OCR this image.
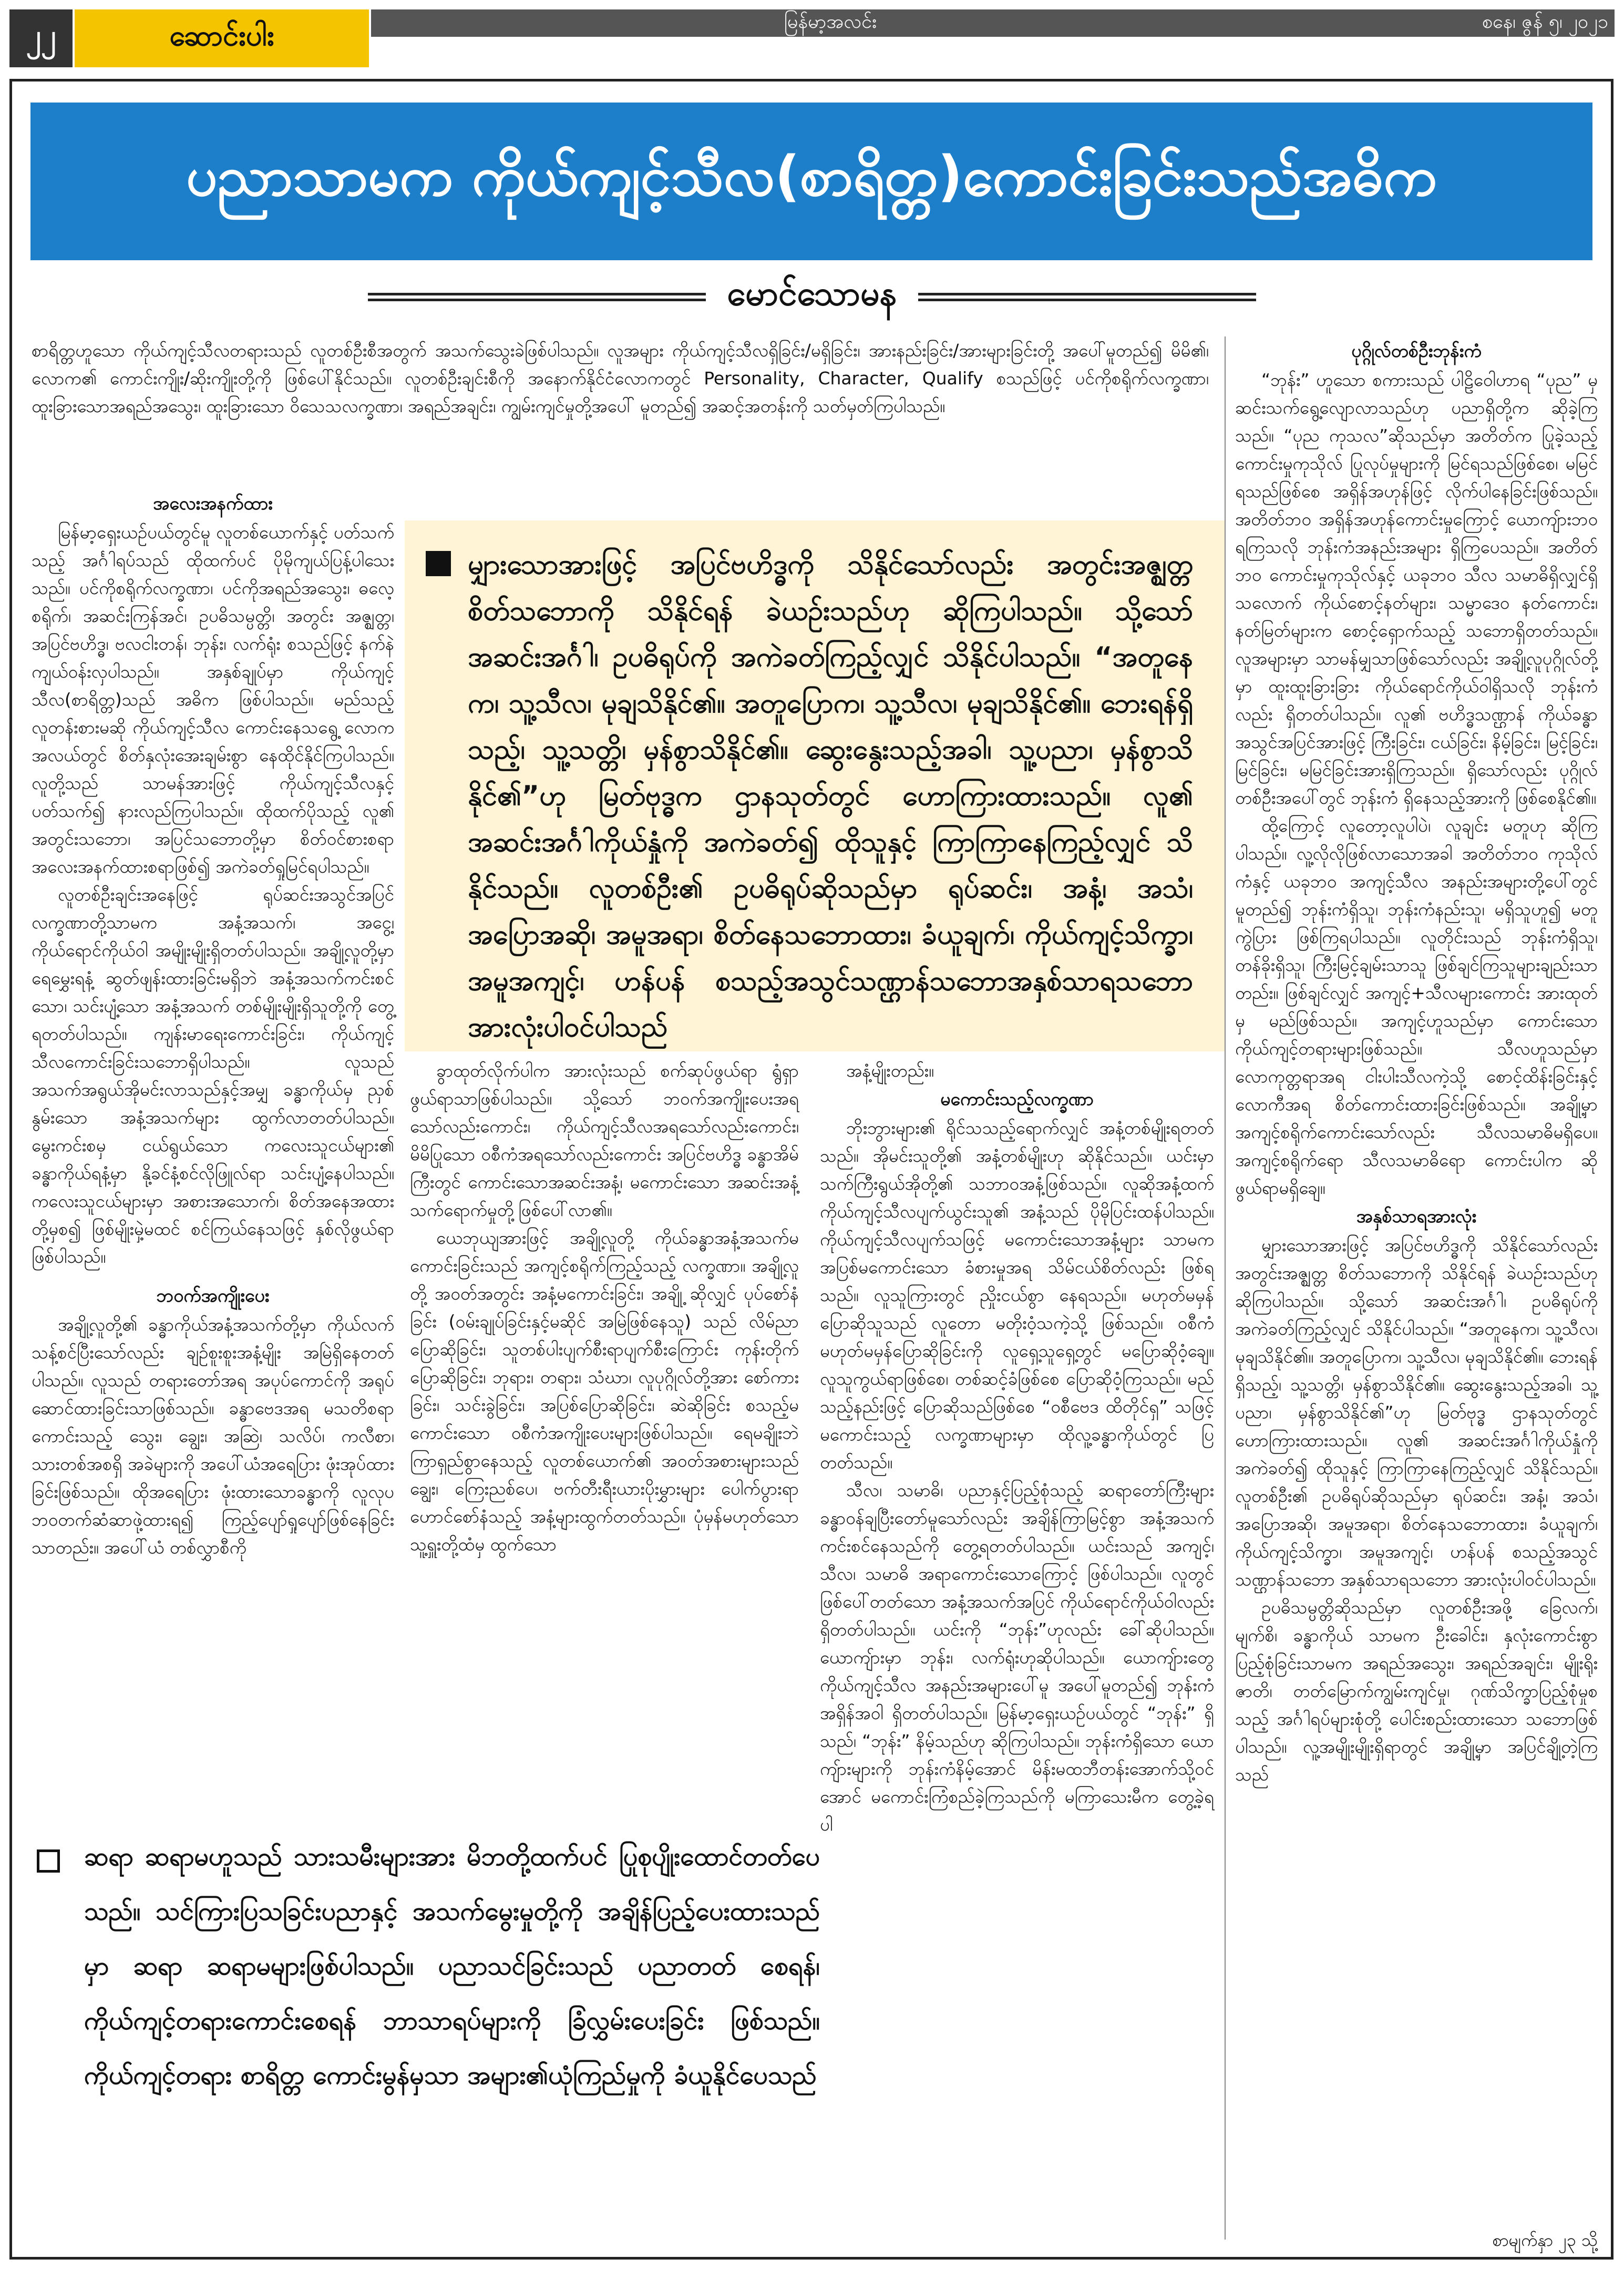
၂၂	ဆောင်းပါး	မြန်မာ့အလင်း	စနေ၊ ဇွန် ၅၊ ၂၀၂၁
ပညာသာမက ကိုယ်ကျင့်သီလ(စာရိတ္တ)ကောင်းခြင်းသည်အဓိက
မောင်သောမန

စာရိတ္တဟူသော ကိုယ်ကျင့်သီလတရားသည် လူတစ်ဦးစီအတွက် အသက်သွေးခဲဖြစ်ပါသည်။ လူအများ ကိုယ်ကျင့်သီလရှိခြင်း/မရှိခြင်း၊ အားနည်းခြင်း/အားများခြင်းတို့ အပေါ်မူတည်၍ မိမိ၏၊ လောက၏ ကောင်းကျိုး/ဆိုးကျိုးတို့ကို ဖြစ်ပေါ်နိုင်သည်။ လူတစ်ဦးချင်းစီကို အနောက်နိုင်ငံလောကတွင် Personality, Character, Qualify စသည်ဖြင့် ပင်ကိုစရိုက်လက္ခဏာ၊ ထူးခြားသောအရည်အသွေး၊ ထူးခြားသော ဝိသေသလက္ခဏာ၊ အရည်အချင်း၊ ကျွမ်းကျင်မှုတို့အပေါ် မူတည်၍ အဆင့်အတန်းကို သတ်မှတ်ကြပါသည်။

အလေးအနက်ထား

မြန်မာ့ရှေးယဉ်ပယ်တွင်မူ လူတစ်ယောက်နှင့် ပတ်သက်သည့် အင်္ဂါရပ်သည် ထိုထက်ပင် ပိုမိုကျယ်ပြန့်ပါသေးသည်။ ပင်ကိုစရိုက်လက္ခဏာ၊ ပင်ကိုအရည်အသွေး၊ ဓလေ့စရိုက်၊ အဆင်းကြန်အင်၊ ဥပဓိသမ္ပတ္တိ၊ အတွင်း အဇ္ဈတ္တ၊ အပြင်ဗဟိဒ္ဓ၊ ဗလငါးတန်၊ ဘုန်း၊ လက်ရုံး စသည်ဖြင့် နက်နဲကျယ်ဝန်းလှပါသည်။ အနှစ်ချုပ်မှာ ကိုယ်ကျင့်သီလ(စာရိတ္တ)သည် အဓိက ဖြစ်ပါသည်။ မည်သည့်လူတန်းစားမဆို ကိုယ်ကျင့်သီလ ကောင်းနေသရွေ့ လောကအလယ်တွင် စိတ်နှလုံးအေးချမ်းစွာ နေထိုင်နိုင်ကြပါသည်။ လူတို့သည် သာမန်အားဖြင့် ကိုယ်ကျင့်သီလနှင့် ပတ်သက်၍ နားလည်ကြပါသည်။ ထိုထက်ပိုသည့် လူ၏ အတွင်းသဘော၊ အပြင်သဘောတို့မှာ စိတ်ဝင်စားစရာ အလေးအနက်ထားစရာဖြစ်၍ အကဲခတ်ရှုမြင်ရပါသည်။

လူတစ်ဦးချင်းအနေဖြင့် ရုပ်ဆင်းအသွင်အပြင် လက္ခဏာတို့သာမက အနံ့အသက်၊ အငွေ့၊ ကိုယ်ရောင်ကိုယ်ဝါ အမျိုးမျိုးရှိတတ်ပါသည်။ အချို့လူတို့မှာ ရေမွှေးရနံ့ ဆွတ်ဖျန်းထားခြင်းမရှိဘဲ အနံ့အသက်ကင်းစင်သော၊ သင်းပျံ့သော အနံ့အသက် တစ်မျိုးမျိုးရှိသူတို့ကို တွေ့ရတတ်ပါသည်။ ကျန်းမာရေးကောင်းခြင်း၊ ကိုယ်ကျင့်သီလကောင်းခြင်းသဘောရှိပါသည်။ လူသည် အသက်အရွယ်အိုမင်းလာသည်နှင့်အမျှ ခန္ဓာကိုယ်မှ ညှစ်နွမ်းသော အနံ့အသက်များ ထွက်လာတတ်ပါသည်။ မွေးကင်းစမှ ငယ်ရွယ်သော ကလေးသူငယ်များ၏ ခန္ဓာကိုယ်ရနံ့မှာ နို့ခင်နံ့စင်လိုဖြူလ်ရာ သင်းပျံ့နေပါသည်။ ကလေးသူငယ်များမှာ အစားအသောက်၊ စိတ်အနေအထားတို့မှစ၍ ဖြစ်မျိုးမှဲ့မထင် စင်ကြယ်နေသဖြင့် နှစ်လိုဖွယ်ရာဖြစ်ပါသည်။

ဘဝက်အကျိုးပေး

အချို့လူတို့၏ ခန္ဓာကိုယ်အနံ့အသက်တို့မှာ ကိုယ်လက်သန့်စင်ပြီးသော်လည်း ချဉ်စူးစူးအနံ့မျိုး အမြဲရှိနေတတ်ပါသည်။ လူသည် တရားတော်အရ အပုပ်ကောင်ကို အရုပ်ဆောင်ထားခြင်းသာဖြစ်သည်။ ခန္ဓာဗေဒအရ မသတိစရာကောင်းသည့် သွေး၊ ချွေး၊ အဆြဲ၊ သလိပ်၊ ကလီစာ၊ သားတစ်အစရှိ အခဲများကို အပေါ်ယံအရေပြား ဖုံးအုပ်ထားခြင်းဖြစ်သည်။ ထိုအရေပြား ဖုံးထားသောခန္ဓာကို လူလုပ ဘဝတက်ဆံဆာဖုဲ့ထားရ၍ ကြည့်ပျော်ရှုပျော်ဖြစ်နေခြင်းသာတည်း။ အပေါ်ယံ တစ်လွှာစီကို

မျှားသောအားဖြင့် အပြင်ဗဟိဒ္ဓကို သိနိုင်သော်လည်း အတွင်းအဇ္ဈတ္တ စိတ်သဘောကို သိနိုင်ရန် ခဲယဉ်းသည်ဟု ဆိုကြပါသည်။ သို့သော် အဆင်းအင်္ဂါ၊ ဥပဓိရုပ်ကို အကဲခတ်ကြည့်လျှင် သိနိုင်ပါသည်။ “အတူနေက၊ သူ့သီလ၊ မုချသိနိုင်၏။ အတူပြောက၊ သူ့သီလ၊ မုချသိနိုင်၏။ ဘေးရန်ရှိသည့်၊ သူ့သတ္တိ၊ မှန်စွာသိနိုင်၏။ ဆွေးနွေးသည့်အခါ၊ သူ့ပညာ၊ မှန်စွာသိနိုင်၏”ဟု မြတ်ဗုဒ္ဓက ဌာနသုတ်တွင် ဟောကြားထားသည်။ လူ၏ အဆင်းအင်္ဂါကိုယ်နှုံကို အကဲခတ်၍ ထိုသူနှင့် ကြာကြာနေကြည့်လျှင် သိနိုင်သည်။ လူတစ်ဦး၏ ဥပဓိရုပ်ဆိုသည်မှာ ရုပ်ဆင်း၊ အနံ့၊ အသံ၊ အပြောအဆို၊ အမူအရာ၊ စိတ်နေသဘောထား၊ ခံယူချက်၊ ကိုယ်ကျင့်သိက္ခာ၊ အမူအကျင့်၊ ဟန်ပန် စသည့်အသွင်သဏ္ဌာန်သဘောအနှစ်သာရသဘော အားလုံးပါဝင်ပါသည်

ခွာထုတ်လိုက်ပါက အားလုံးသည် စက်ဆုပ်ဖွယ်ရာ ရွံရှာဖွယ်ရာသာဖြစ်ပါသည်။ သို့သော် ဘဝက်အကျိုးပေးအရသော်လည်းကောင်း၊ ကိုယ်ကျင့်သီလအရသော်လည်းကောင်း၊ မိမိပြုသော ဝစီကံအရသော်လည်းကောင်း အပြင်ဗဟိဒ္ဓ ခန္ဓာအိမ်ကြီးတွင် ကောင်းသောအဆင်းအနံ့၊ မကောင်းသော အဆင်းအနံ့ သက်ရောက်မှုတို့ဖြစ်ပေါ်လာ၏။

ယေဘုယျအားဖြင့် အချို့လူတို့ ကိုယ်ခန္ဓာအနံ့အသက်မကောင်းခြင်းသည် အကျင့်စရိုက်ကြည့်သည့် လက္ခဏာ။ အချို့လူတို့ အဝတ်အတွင်း အနံ့မကောင်းခြင်း၊ အချို့ ဆိုလျှင် ပုပ်စော်နံခြင်း (ဝမ်းချုပ်ခြင်းနှင့်မဆိုင် အမြဲဖြစ်နေသူ) သည် လိမ်ညာပြောဆိုခြင်း၊ သူတစ်ပါးပျက်စီးရာပျက်စီးကြောင်း ကုန်းတိုက်ပြောဆိုခြင်း၊ ဘုရား၊ တရား၊ သံဃာ၊ လူပုဂ္ဂိုလ်တို့အား စော်ကားခြင်း၊ သင်းခွဲခြင်း၊ အပြစ်ပြောဆိုခြင်း၊ ဆဲဆိုခြင်း စသည့်မကောင်းသော ဝစီကံအကျိုးပေးများဖြစ်ပါသည်။ ရေမချိုးဘဲကြာရှည်စွာနေသည့် လူတစ်ယောက်၏ အဝတ်အစားများသည် ချွေး၊ ကြေးညစ်ပေ၊ ဗက်တီးရီးယားပိုးမွှားများ ပေါက်ပွားရာ ဟောင်စော်နံသည့် အနံ့များထွက်တတ်သည်။ ပုံမှန်မဟုတ်သော သူ့ရှူးတို့ထံမှ ထွက်သော

အနံ့မျိုးတည်း။

မကောင်းသည့်လက္ခဏာ

ဘိုးဘွားများ၏ ရိုင်သသည့်ရောက်လျှင် အနံ့တစ်မျိုးရတတ်သည်။ အိုမင်းသူတို့၏ အနံ့တစ်မျိုးဟု ဆိုနိုင်သည်။ ယင်းမှာ သက်ကြီးရွယ်အိုတို့၏ သဘာဝအနံ့ဖြစ်သည်။ လူဆိုအနံ့ထက် ကိုယ်ကျင့်သီလပျက်ယွင်းသူ၏ အနံ့သည် ပိုမိုပြင်းထန်ပါသည်။ ကိုယ်ကျင့်သီလပျက်သဖြင့် မကောင်းသောအနံ့များ သာမက အပြစ်မကောင်းသော ခံစားမှုအရ သိမ်ငယ်စိတ်လည်း ဖြစ်ရသည်။ လူသူကြားတွင် ညှိုးငယ်စွာ နေရသည်။ မဟုတ်မမှန်ပြောဆိုသူသည် လူတော မတိုးဝံ့သကဲ့သို့ ဖြစ်သည်။ ဝစီကံ မဟုတ်မမှန်ပြောဆိုခြင်းကို လူရှေ့သူရှေ့တွင် မပြောဆိုဝံ့ချေ။ လူသူကွယ်ရာဖြစ်စေ၊ တစ်ဆင့်ခံဖြစ်စေ ပြောဆိုဝံ့ကြသည်။ မည်သည့်နည်းဖြင့် ပြောဆိုသည်ဖြစ်စေ “ဝစီဗေဒ ထိတိုင်ရှ” သဖြင့် မကောင်းသည့် လက္ခဏာများမှာ ထိုလူ့ခန္ဓာကိုယ်တွင် ပြတတ်သည်။

သီလ၊ သမာဓိ၊ ပညာနှင့်ပြည့်စုံသည့် ဆရာတော်ကြီးများ ခန္ဓာဝန်ချပြီးတော်မူသော်လည်း အချိန်ကြာမြင့်စွာ အနံ့အသက်ကင်းစင်နေသည်ကို တွေ့ရတတ်ပါသည်။ ယင်းသည် အကျင့်၊ သီလ၊ သမာဓိ အရာကောင်းသောကြောင့် ဖြစ်ပါသည်။ လူတွင် ဖြစ်ပေါ်တတ်သော အနံ့အသက်အပြင် ကိုယ်ရောင်ကိုယ်ဝါလည်း ရှိတတ်ပါသည်။ ယင်းကို “ဘုန်း”ဟုလည်း ခေါ်ဆိုပါသည်။ ယောကျ်ားမှာ ဘုန်း၊ လက်ရုံးဟုဆိုပါသည်။ ယောကျ်ားတွေ ကိုယ်ကျင့်သီလ အနည်းအများပေါ်မူ အပေါ်မူတည်၍ ဘုန်းကံ အရှိန်အဝါ ရှိတတ်ပါသည်။ မြန်မာ့ရှေးယဉ်ပယ်တွင် “ဘုန်း” ရှိသည်၊ “ဘုန်း” နိမ့်သည်ဟု ဆိုကြပါသည်။ ဘုန်းကံရှိသော ယောကျ်ားများကို ဘုန်းကံနိမ့်အောင် မိန်းမထဘီတန်းအောက်သို့ဝင်အောင် မကောင်းကြံစည်ခဲ့ကြသည်ကို မကြာသေးမီက တွေ့ခဲ့ရပါ

ပုဂ္ဂိုလ်တစ်ဦးဘုန်းကံ

“ဘုန်း” ဟူသော စကားသည် ပါဠိဝေါဟာရ “ပုည” မှ ဆင်းသက်ရွေ့လျောလာသည်ဟု ပညာရှိတို့က ဆိုခဲ့ကြသည်။ “ပုည ကုသလ”ဆိုသည်မှာ အတိတ်က ပြုခဲ့သည့် ကောင်းမှုကုသိုလ် ပြုလုပ်မှုများကို မြင်ရသည်ဖြစ်စေ၊ မမြင်ရသည်ဖြစ်စေ အရှိန်အဟုန်ဖြင့် လိုက်ပါနေခြင်းဖြစ်သည်။ အတိတ်ဘဝ အရှိန်အဟုန်ကောင်းမှုကြောင့် ယောကျ်ားဘဝရကြသလို ဘုန်းကံအနည်းအများ ရှိကြပေသည်။ အတိတ်ဘဝ ကောင်းမှုကုသိုလ်နှင့် ယခုဘဝ သီလ သမာဓိရှိလျှင်ရှိသလောက် ကိုယ်စောင့်နတ်များ၊ သမ္မာဒေဝ နတ်ကောင်း၊ နတ်မြတ်များက စောင့်ရှောက်သည့် သဘောရှိတတ်သည်။ လူအများမှာ သာမန်မျှသာဖြစ်သော်လည်း အချို့လူပုဂ္ဂိုလ်တို့မှာ ထူးထူးခြားခြား ကိုယ်ရောင်ကိုယ်ဝါရှိသလို ဘုန်းကံလည်း ရှိတတ်ပါသည်။ လူ၏ ဗဟိဒ္ဓသဏ္ဌာန် ကိုယ်ခန္ဓာအသွင်အပြင်အားဖြင့် ကြီးခြင်း၊ ငယ်ခြင်း၊ နိမ့်ခြင်း၊ မြင့်ခြင်း၊ မြင်ခြင်း၊ မမြင်ခြင်းအားရှိကြသည်။ ရှိသော်လည်း ပုဂ္ဂိုလ်တစ်ဦးအပေါ်တွင် ဘုန်းကံ ရှိနေသည့်အားကို ဖြစ်စေနိုင်၏။

ထို့ကြောင့် လူတော့လူပါပဲ၊ လူချင်း မတူဟု ဆိုကြပါသည်။ လူ့လိုလိုဖြစ်လာသောအခါ အတိတ်ဘဝ ကုသိုလ်ကံနှင့် ယခုဘဝ အကျင့်သီလ အနည်းအများတို့ပေါ်တွင်မူတည်၍ ဘုန်းကံရှိသူ၊ ဘုန်းကံနည်းသူ၊ မရှိသူဟူ၍ မတူကွဲပြား ဖြစ်ကြရပါသည်။ လူတိုင်းသည် ဘုန်းကံရှိသူ၊ တန်ခိုးရှိသူ၊ ကြီးမြင့်ချမ်းသာသူ ဖြစ်ချင်ကြသူများချည်းသာတည်း။ ဖြစ်ချင်လျှင် အကျင့်+သီလများကောင်း အားထုတ်မှ မည်ဖြစ်သည်။ အကျင့်ဟူသည်မှာ ကောင်းသော ကိုယ်ကျင့်တရားများဖြစ်သည်။ သီလဟူသည်မှာ လောကုတ္တရာအရ ငါးပါးသီလကဲ့သို့ စောင့်ထိန်းခြင်းနှင့် လောကီအရ စိတ်ကောင်းထားခြင်းဖြစ်သည်။ အချို့မှာ အကျင့်စရိုက်ကောင်းသော်လည်း သီလသမာဓိမရှိပေ။ အကျင့်စရိုက်ရော သီလသမာဓိရော ကောင်းပါက ဆိုဖွယ်ရာမရှိချေ။

အနှစ်သာရအားလုံး

မျှားသောအားဖြင့် အပြင်ဗဟိဒ္ဓကို သိနိုင်သော်လည်း အတွင်းအဇ္ဈတ္တ စိတ်သဘောကို သိနိုင်ရန် ခဲယဉ်းသည်ဟု ဆိုကြပါသည်။ သို့သော် အဆင်းအင်္ဂါ၊ ဥပဓိရုပ်ကို အကဲခတ်ကြည့်လျှင် သိနိုင်ပါသည်။ “အတူနေက၊ သူ့သီလ၊ မုချသိနိုင်၏။ အတူပြောက၊ သူ့သီလ၊ မုချသိနိုင်၏။ ဘေးရန်ရှိသည့်၊ သူ့သတ္တိ၊ မှန်စွာသိနိုင်၏။ ဆွေးနွေးသည့်အခါ၊ သူ့ပညာ၊ မှန်စွာသိနိုင်၏”ဟု မြတ်ဗုဒ္ဓ ဌာနသုတ်တွင် ဟောကြားထားသည်။ လူ၏ အဆင်းအင်္ဂါကိုယ်နှုံကို အကဲခတ်၍ ထိုသူနှင့် ကြာကြာနေကြည့်လျှင် သိနိုင်သည်။ လူတစ်ဦး၏ ဥပဓိရုပ်ဆိုသည်မှာ ရုပ်ဆင်း၊ အနံ့၊ အသံ၊ အပြောအဆို၊ အမူအရာ၊ စိတ်နေသဘောထား၊ ခံယူချက်၊ ကိုယ်ကျင့်သိက္ခာ၊ အမူအကျင့်၊ ဟန်ပန် စသည့်အသွင်သဏ္ဌာန်သဘော အနှစ်သာရသဘော အားလုံးပါဝင်ပါသည်။

ဥပဓိသမ္ပတ္တိဆိုသည်မှာ လူတစ်ဦးအဖို့ ခြေလက်၊ မျက်စိ၊ ခန္ဓာကိုယ် သာမက ဦးခေါင်း၊ နှလုံးကောင်းစွာ ပြည့်စုံခြင်းသာမက အရည်အသွေး၊ အရည်အချင်း၊ မျိုးရိုးဇာတိ၊ တတ်မြောက်ကျွမ်းကျင်မှု၊ ဂုဏ်သိက္ခာပြည့်စုံမှုစသည့် အင်္ဂါရပ်များစုံတို့ ပေါင်းစည်းထားသော သဘောဖြစ်ပါသည်။ လူ့အမျိုးမျိုးရှိရာတွင် အချို့မှာ အပြင်ချို့တဲ့ကြသည်

စာမျက်နှာ ၂၃ သို့

ဆရာ ဆရာမဟူသည် သားသမီးများအား မိဘတို့ထက်ပင် ပြုစုပျိုးထောင်တတ်ပေသည်။ သင်ကြားပြသခြင်းပညာနှင့် အသက်မွေးမှုတို့ကို အချိန်ပြည့်ပေးထားသည်မှာ ဆရာ ဆရာမများဖြစ်ပါသည်။ ပညာသင်ခြင်းသည် ပညာတတ် စေရန်၊ ကိုယ်ကျင့်တရားကောင်းစေရန် ဘာသာရပ်များကို ခြံလွှမ်းပေးခြင်း ဖြစ်သည်။ ကိုယ်ကျင့်တရား စာရိတ္တ ကောင်းမွန်မှသာ အများ၏ယုံကြည်မှုကို ခံယူနိုင်ပေသည်
